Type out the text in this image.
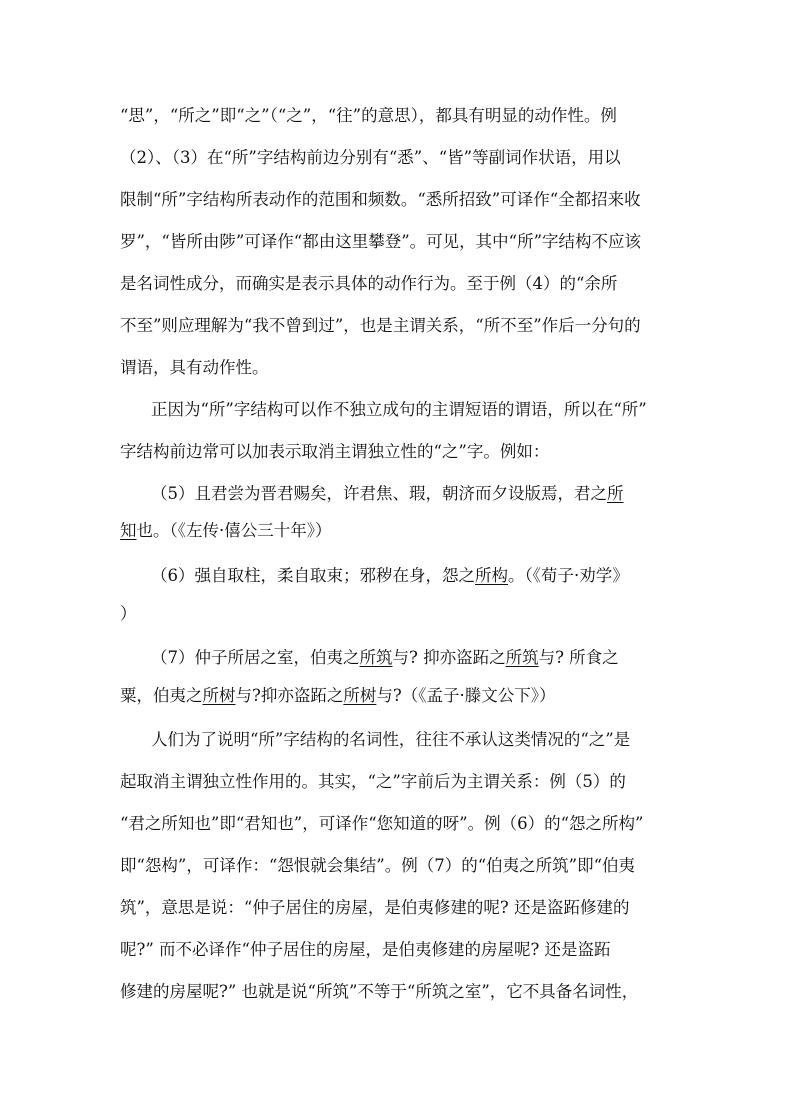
“思”，“所之”即“之”（“之”，“往”的意思），都具有明显的动作性。例
（2）、（3）在“所”字结构前边分别有“悉”、“皆”等副词作状语，用以
限制“所”字结构所表动作的范围和频数。“悉所招致”可译作“全都招来收
罗”，“皆所由陟”可译作“都由这里攀登”。可见，其中“所”字结构不应该
是名词性成分，而确实是表示具体的动作行为。至于例（4）的“余所
不至”则应理解为“我不曾到过”，也是主谓关系，“所不至”作后一分句的
谓语，具有动作性。
正因为“所”字结构可以作不独立成句的主谓短语的谓语，所以在“所”
字结构前边常可以加表示取消主谓独立性的“之”字。例如：
（5）且君尝为晋君赐矣，许君焦、瑕，朝济而夕设版焉，君之所
知也。（《左传·僖公三十年》）
（6）强自取柱，柔自取束；邪秽在身，怨之所构。（《荀子·劝学》
）
（7）仲子所居之室，伯夷之所筑与? 抑亦盗跖之所筑与? 所食之
粟，伯夷之所树与?抑亦盗跖之所树与?（《孟子·滕文公下》）
人们为了说明“所”字结构的名词性，往往不承认这类情况的“之”是
起取消主谓独立性作用的。其实，“之”字前后为主谓关系：例（5）的
“君之所知也”即“君知也”，可译作“您知道的呀”。例（6）的“怨之所构”
即“怨构”，可译作：“怨恨就会集结”。例（7）的“伯夷之所筑”即“伯夷
筑”，意思是说：“仲子居住的房屋，是伯夷修建的呢? 还是盗跖修建的
呢?” 而不必译作“仲子居住的房屋，是伯夷修建的房屋呢? 还是盗跖
修建的房屋呢?” 也就是说“所筑”不等于“所筑之室”，它不具备名词性，
